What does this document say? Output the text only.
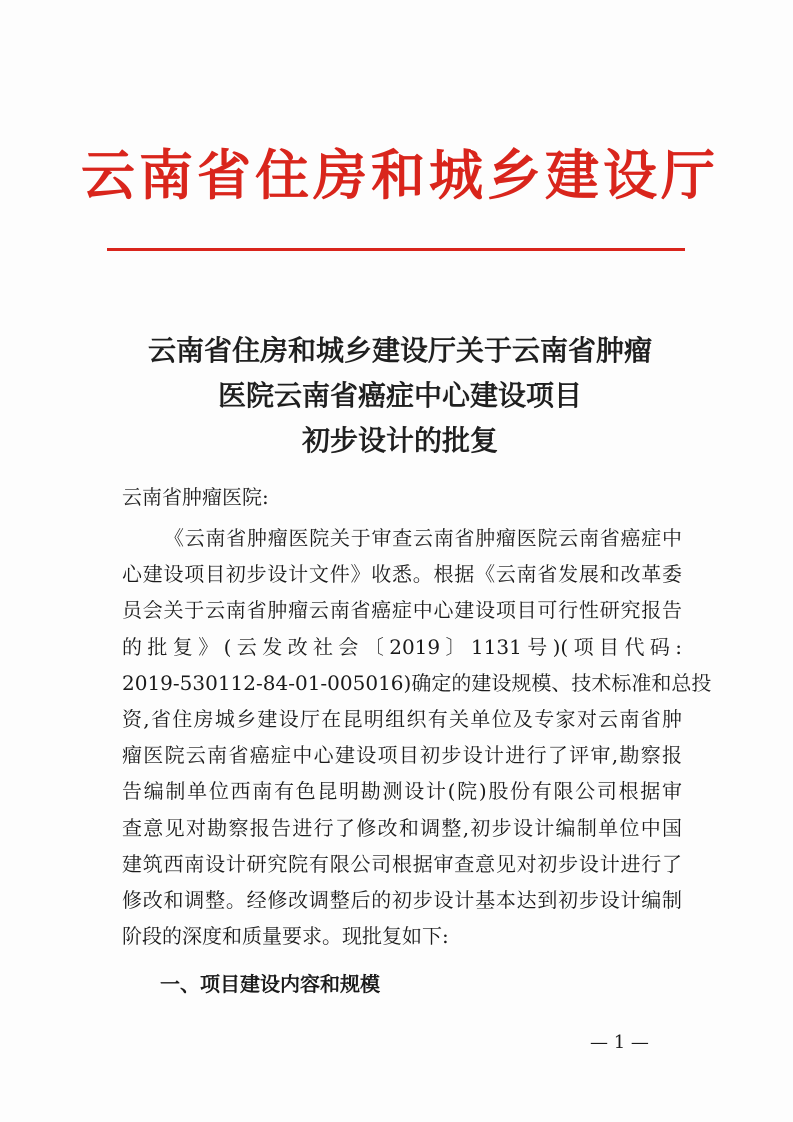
云南省住房和城乡建设厅
云南省住房和城乡建设厅关于云南省肿瘤
医院云南省癌症中心建设项目
初步设计的批复

云南省肿瘤医院:

《云南省肿瘤医院关于审查云南省肿瘤医院云南省癌症中
心建设项目初步设计文件》收悉。根据《云南省发展和改革委
员会关于云南省肿瘤云南省癌症中心建设项目可行性研究报告
的批复》(云发改社会〔2019〕1131号)(项目代码:
2019-530112-84-01-005016)确定的建设规模、技术标准和总投
资,省住房城乡建设厅在昆明组织有关单位及专家对云南省肿
瘤医院云南省癌症中心建设项目初步设计进行了评审,勘察报
告编制单位西南有色昆明勘测设计(院)股份有限公司根据审
查意见对勘察报告进行了修改和调整,初步设计编制单位中国
建筑西南设计研究院有限公司根据审查意见对初步设计进行了
修改和调整。经修改调整后的初步设计基本达到初步设计编制
阶段的深度和质量要求。现批复如下:
一、项目建设内容和规模
— 1 —
